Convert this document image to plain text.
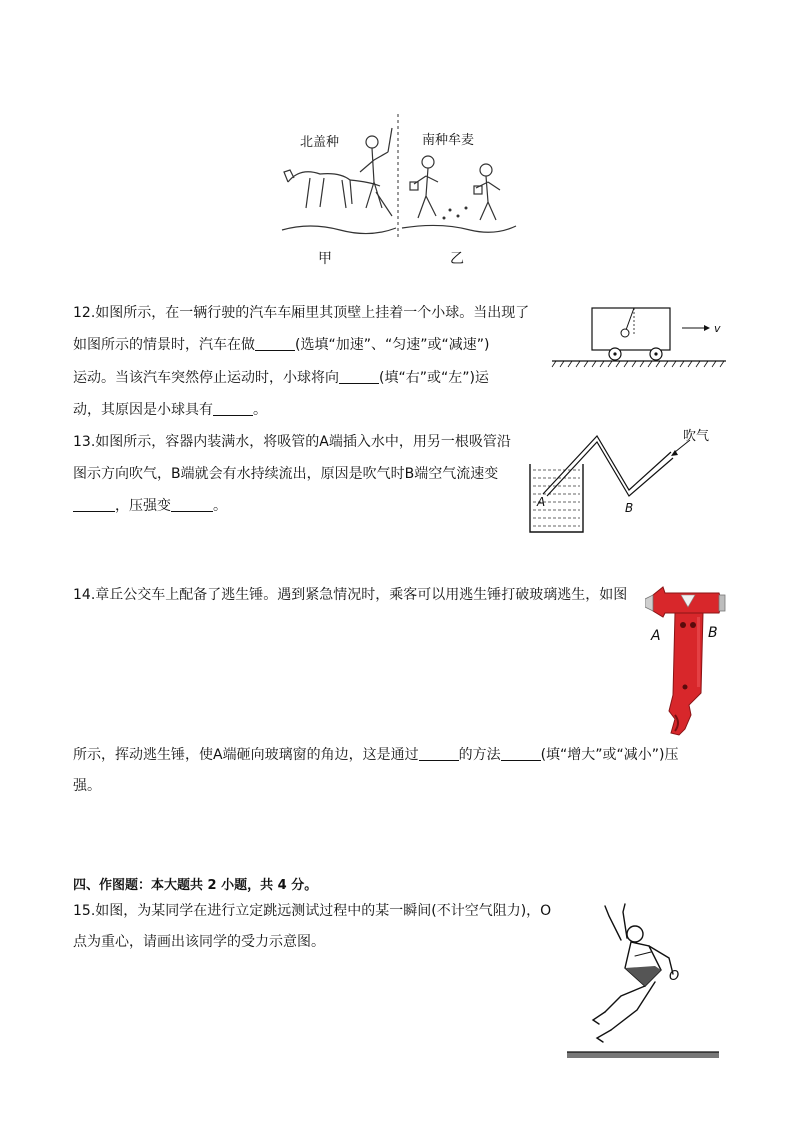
北盖种	南种牟麦
甲	乙
12.如图所示，在一辆行驶的汽车车厢里其顶壁上挂着一个小球。当出现了
如图所示的情景时，汽车在做	(选填“加速”、“匀速”或“减速”)
运动。当该汽车突然停止运动时，小球将向	(填“右”或“左”)运
动，其原因是小球具有	。
v
13.如图所示，容器内装满水，将吸管的A端插入水中，用另一根吸管沿
图示方向吹气，B端就会有水持续流出，原因是吹气时B端空气流速变
，压强变	。
吹气
A	B
14.章丘公交车上配备了逃生锤。遇到紧急情况时，乘客可以用逃生锤打破玻璃逃生，如图
所示，挥动逃生锤，使A端砸向玻璃窗的角边，这是通过	的方法	(填“增大”或“减小”)压
强。
A	B
四、作图题：本大题共 2 小题，共 4 分。
15.如图，为某同学在进行立定跳远测试过程中的某一瞬间(不计空气阻力)，O
点为重心，请画出该同学的受力示意图。
O
